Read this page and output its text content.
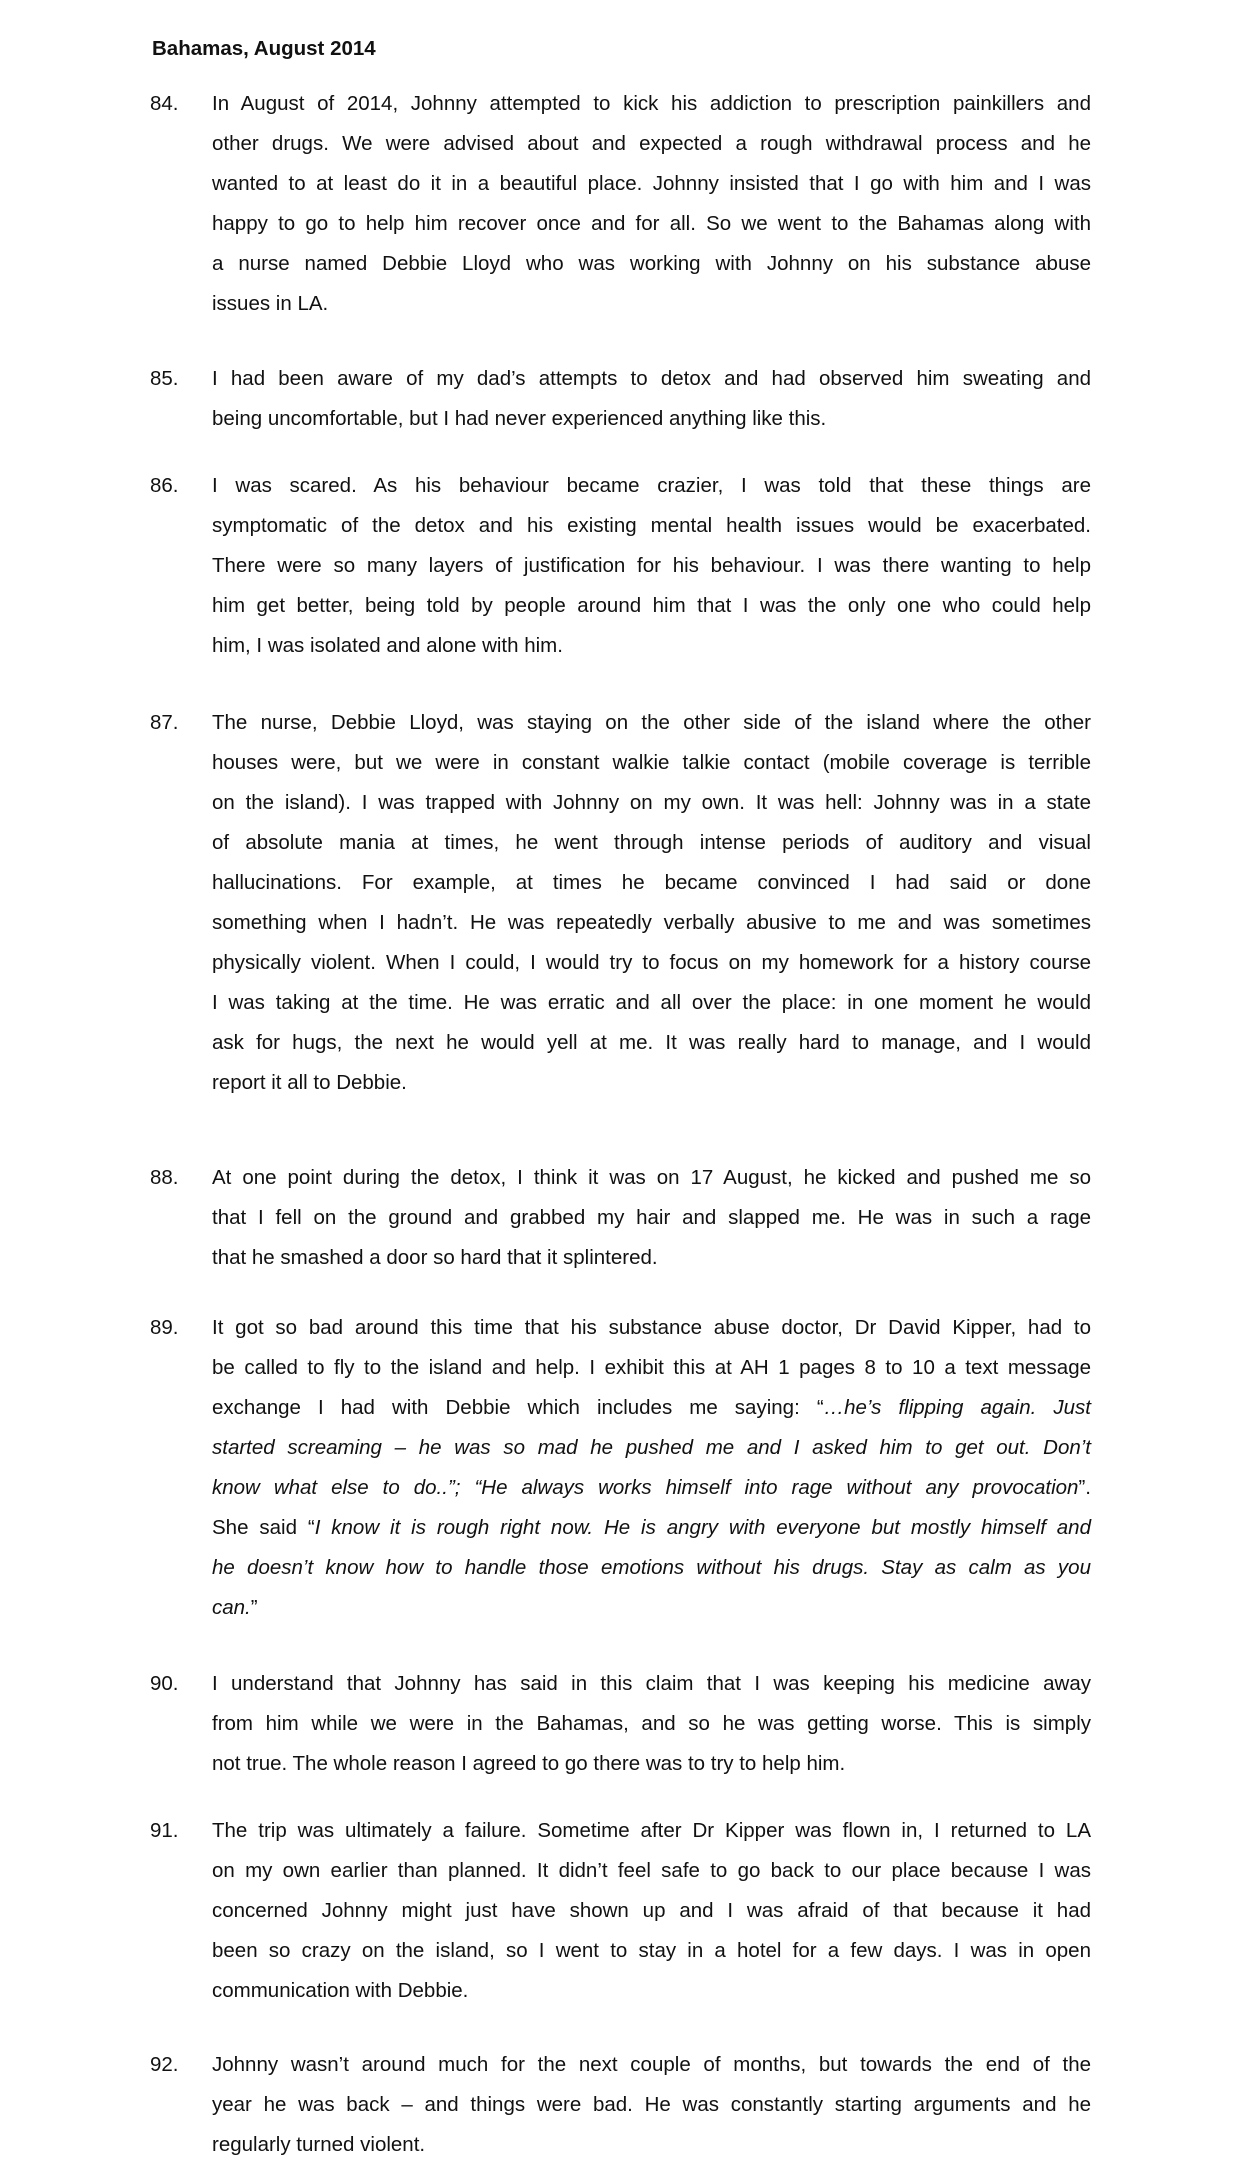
Bahamas, August 2014
84.	In August of 2014, Johnny attempted to kick his addiction to prescription painkillers and
other drugs. We were advised about and expected a rough withdrawal process and he
wanted to at least do it in a beautiful place. Johnny insisted that I go with him and I was
happy to go to help him recover once and for all. So we went to the Bahamas along with
a nurse named Debbie Lloyd who was working with Johnny on his substance abuse
issues in LA.
85.	I had been aware of my dad’s attempts to detox and had observed him sweating and
being uncomfortable, but I had never experienced anything like this.
86.	I was scared. As his behaviour became crazier, I was told that these things are
symptomatic of the detox and his existing mental health issues would be exacerbated.
There were so many layers of justification for his behaviour. I was there wanting to help
him get better, being told by people around him that I was the only one who could help
him, I was isolated and alone with him.
87.	The nurse, Debbie Lloyd, was staying on the other side of the island where the other
houses were, but we were in constant walkie talkie contact (mobile coverage is terrible
on the island). I was trapped with Johnny on my own. It was hell: Johnny was in a state
of absolute mania at times, he went through intense periods of auditory and visual
hallucinations. For example, at times he became convinced I had said or done
something when I hadn’t. He was repeatedly verbally abusive to me and was sometimes
physically violent. When I could, I would try to focus on my homework for a history course
I was taking at the time. He was erratic and all over the place: in one moment he would
ask for hugs, the next he would yell at me. It was really hard to manage, and I would
report it all to Debbie.
88.	At one point during the detox, I think it was on 17 August, he kicked and pushed me so
that I fell on the ground and grabbed my hair and slapped me. He was in such a rage
that he smashed a door so hard that it splintered.
89.	It got so bad around this time that his substance abuse doctor, Dr David Kipper, had to
be called to fly to the island and help. I exhibit this at AH 1 pages 8 to 10 a text message
exchange I had with Debbie which includes me saying: “…he’s flipping again. Just
started screaming – he was so mad he pushed me and I asked him to get out. Don’t
know what else to do..”; “He always works himself into rage without any provocation”.
She said “I know it is rough right now. He is angry with everyone but mostly himself and
he doesn’t know how to handle those emotions without his drugs. Stay as calm as you
can.”
90.	I understand that Johnny has said in this claim that I was keeping his medicine away
from him while we were in the Bahamas, and so he was getting worse. This is simply
not true. The whole reason I agreed to go there was to try to help him.
91.	The trip was ultimately a failure. Sometime after Dr Kipper was flown in, I returned to LA
on my own earlier than planned. It didn’t feel safe to go back to our place because I was
concerned Johnny might just have shown up and I was afraid of that because it had
been so crazy on the island, so I went to stay in a hotel for a few days. I was in open
communication with Debbie.
92.	Johnny wasn’t around much for the next couple of months, but towards the end of the
year he was back – and things were bad. He was constantly starting arguments and he
regularly turned violent.
